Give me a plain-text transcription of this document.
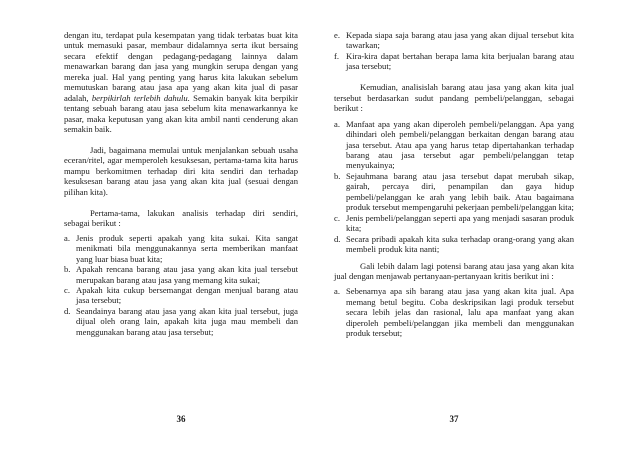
dengan itu, terdapat pula kesempatan yang tidak terbatas buat kita untuk memasuki pasar, membaur didalamnya serta ikut bersaing secara efektif dengan pedagang-pedagang lainnya dalam menawarkan barang dan jasa yang mungkin serupa dengan yang mereka jual. Hal yang penting yang harus kita lakukan sebelum memutuskan barang atau jasa apa yang akan kita jual di pasar adalah, berpikirlah terlebih dahulu. Semakin banyak kita berpikir tentang sebuah barang atau jasa sebelum kita menawarkannya ke pasar, maka keputusan yang akan kita ambil nanti cenderung akan semakin baik.

Jadi, bagaimana memulai untuk menjalankan sebuah usaha eceran/ritel, agar memperoleh kesuksesan, pertama-tama kita harus mampu berkomitmen terhadap diri kita sendiri dan terhadap kesuksesan barang atau jasa yang akan kita jual (sesuai dengan pilihan kita).

Pertama-tama, lakukan analisis terhadap diri sendiri, sebagai berikut :

a. Jenis produk seperti apakah yang kita sukai. Kita sangat menikmati bila menggunakannya serta memberikan manfaat yang luar biasa buat kita;
b. Apakah rencana barang atau jasa yang akan kita jual tersebut merupakan barang atau jasa yang memang kita sukai;
c. Apakah kita cukup bersemangat dengan menjual barang atau jasa tersebut;
d. Seandainya barang atau jasa yang akan kita jual tersebut, juga dijual oleh orang lain, apakah kita juga mau membeli dan menggunakan barang atau jasa tersebut;
36
e. Kepada siapa saja barang atau jasa yang akan dijual tersebut kita tawarkan;
f. Kira-kira dapat bertahan berapa lama kita berjualan barang atau jasa tersebut;

Kemudian, analisislah barang atau jasa yang akan kita jual tersebut berdasarkan sudut pandang pembeli/pelanggan, sebagai berikut :

a. Manfaat apa yang akan diperoleh pembeli/pelanggan. Apa yang dihindari oleh pembeli/pelanggan berkaitan dengan barang atau jasa tersebut. Atau apa yang harus tetap dipertahankan terhadap barang atau jasa tersebut agar pembeli/pelanggan tetap menyukainya;
b. Sejauhmana barang atau jasa tersebut dapat merubah sikap, gairah, percaya diri, penampilan dan gaya hidup pembeli/pelanggan ke arah yang lebih baik. Atau bagaimana produk tersebut mempengaruhi pekerjaan pembeli/pelanggan kita;
c. Jenis pembeli/pelanggan seperti apa yang menjadi sasaran produk kita;
d. Secara pribadi apakah kita suka terhadap orang-orang yang akan membeli produk kita nanti;

Gali lebih dalam lagi potensi barang atau jasa yang akan kita jual dengan menjawab pertanyaan-pertanyaan kritis berikut ini :

a. Sebenarnya apa sih barang atau jasa yang akan kita jual. Apa memang betul begitu. Coba deskripsikan lagi produk tersebut secara lebih jelas dan rasional, lalu apa manfaat yang akan diperoleh pembeli/pelanggan jika membeli dan menggunakan produk tersebut;
37
